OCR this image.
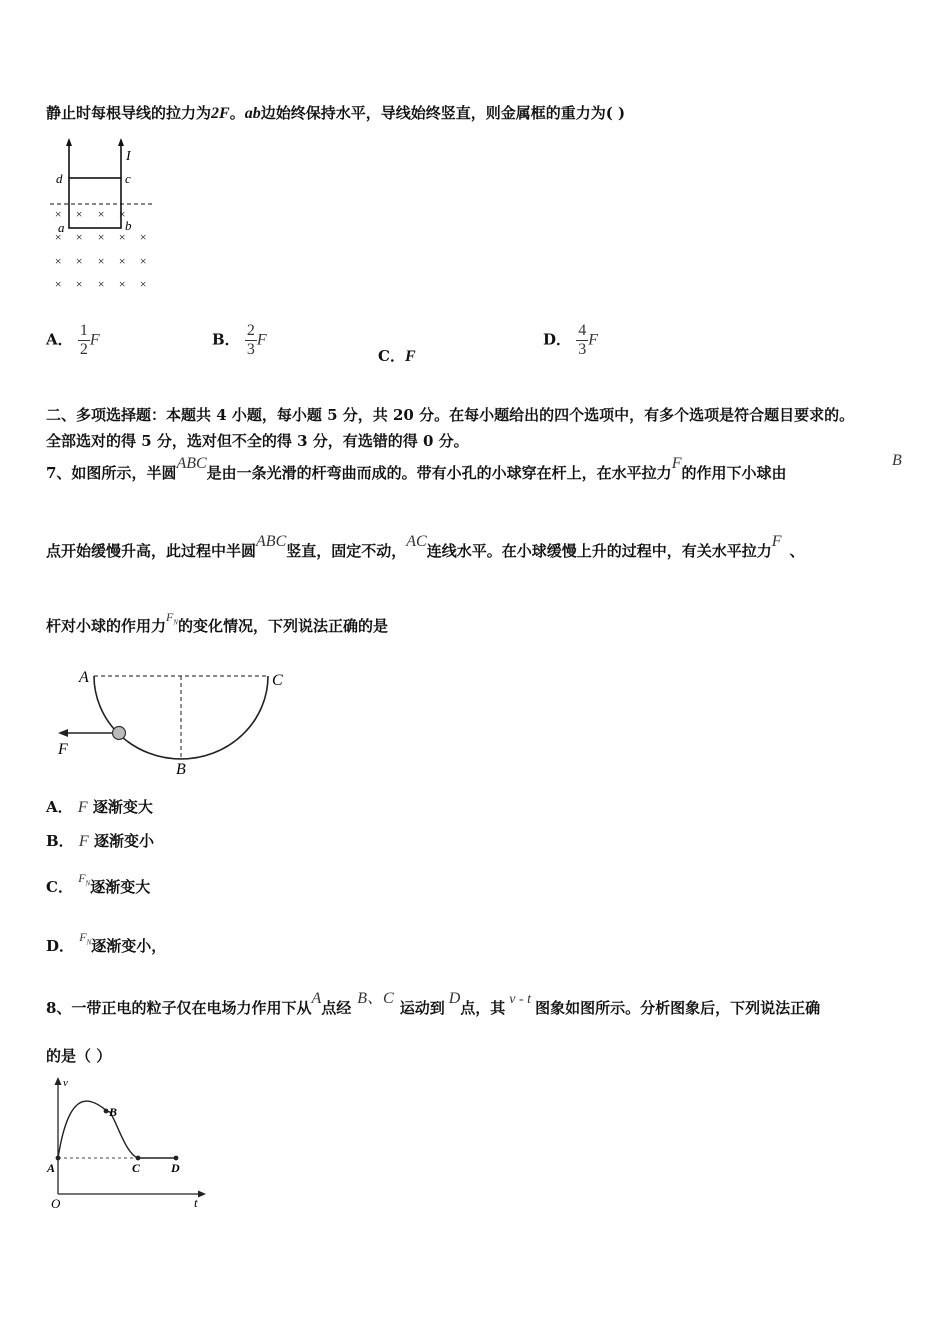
静止时每根导线的拉力为2F。ab边始终保持水平，导线始终竖直，则金属框的重力为( )
I
d	c
a	b
× × × ×
× × × × ×
× × × × ×
× × × × ×
A． $\frac{1}{2}$ F	B． $\frac{2}{3}$ F
C．F
D． $\frac{4}{3}$ F
二、多项选择题：本题共 4 小题，每小题 5 分，共 20 分。在每小题给出的四个选项中，有多个选项是符合题目要求的。
全部选对的得 5 分，选对但不全的得 3 分，有选错的得 0 分。
7、如图所示，半圆ABC是由一条光滑的杆弯曲而成的。带有小孔的小球穿在杆上，在水平拉力F的作用下小球由
B
点开始缓慢升高，此过程中半圆ABC竖直，固定不动，AC连线水平。在小球缓慢上升的过程中，有关水平拉力F、
杆对小球的作用力$^{F_N}$的变化情况，下列说法正确的是
A	C
B
F
A． F 逐渐变大
B． F 逐渐变小
C． $^{F_N}$逐渐变大
D． $^{F_N}$逐渐变小，
8、一带正电的粒子仅在电场力作用下从A点经B、C运动到D点，其 v - t 图象如图所示。分析图象后，下列说法正确
的是（ ）
v
t
O
A
B
C	D
